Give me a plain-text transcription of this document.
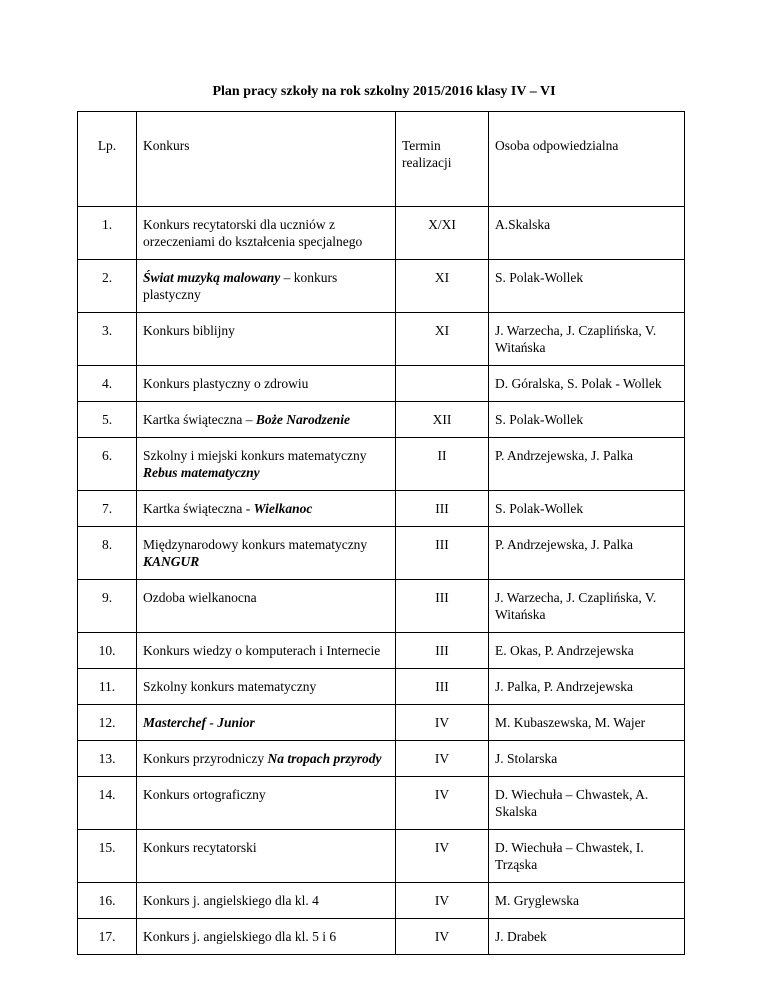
Plan pracy szkoły na rok szkolny 2015/2016 klasy IV – VI
Lp.	Konkurs	Termin realizacji	Osoba odpowiedzialna
1.	Konkurs recytatorski dla uczniów z orzeczeniami do kształcenia specjalnego	X/XI	A.Skalska
2.	Świat muzyką malowany – konkurs plastyczny	XI	S. Polak-Wollek
3.	Konkurs biblijny	XI	J. Warzecha, J. Czaplińska, V. Witańska
4.	Konkurs plastyczny o zdrowiu		D. Góralska, S. Polak - Wollek
5.	Kartka świąteczna – Boże Narodzenie	XII	S. Polak-Wollek
6.	Szkolny i miejski konkurs matematyczny Rebus matematyczny	II	P. Andrzejewska, J. Palka
7.	Kartka świąteczna - Wielkanoc	III	S. Polak-Wollek
8.	Międzynarodowy konkurs matematyczny KANGUR	III	P. Andrzejewska, J. Palka
9.	Ozdoba wielkanocna	III	J. Warzecha, J. Czaplińska, V. Witańska
10.	Konkurs wiedzy o komputerach i Internecie	III	E. Okas, P. Andrzejewska
11.	Szkolny konkurs matematyczny	III	J. Palka, P. Andrzejewska
12.	Masterchef - Junior	IV	M. Kubaszewska, M. Wajer
13.	Konkurs przyrodniczy Na tropach przyrody	IV	J. Stolarska
14.	Konkurs ortograficzny	IV	D. Wiechuła – Chwastek, A. Skalska
15.	Konkurs recytatorski	IV	D. Wiechuła – Chwastek, I. Trząska
16.	Konkurs j. angielskiego dla kl. 4	IV	M. Gryglewska
17.	Konkurs j. angielskiego dla kl. 5 i 6	IV	J. Drabek
